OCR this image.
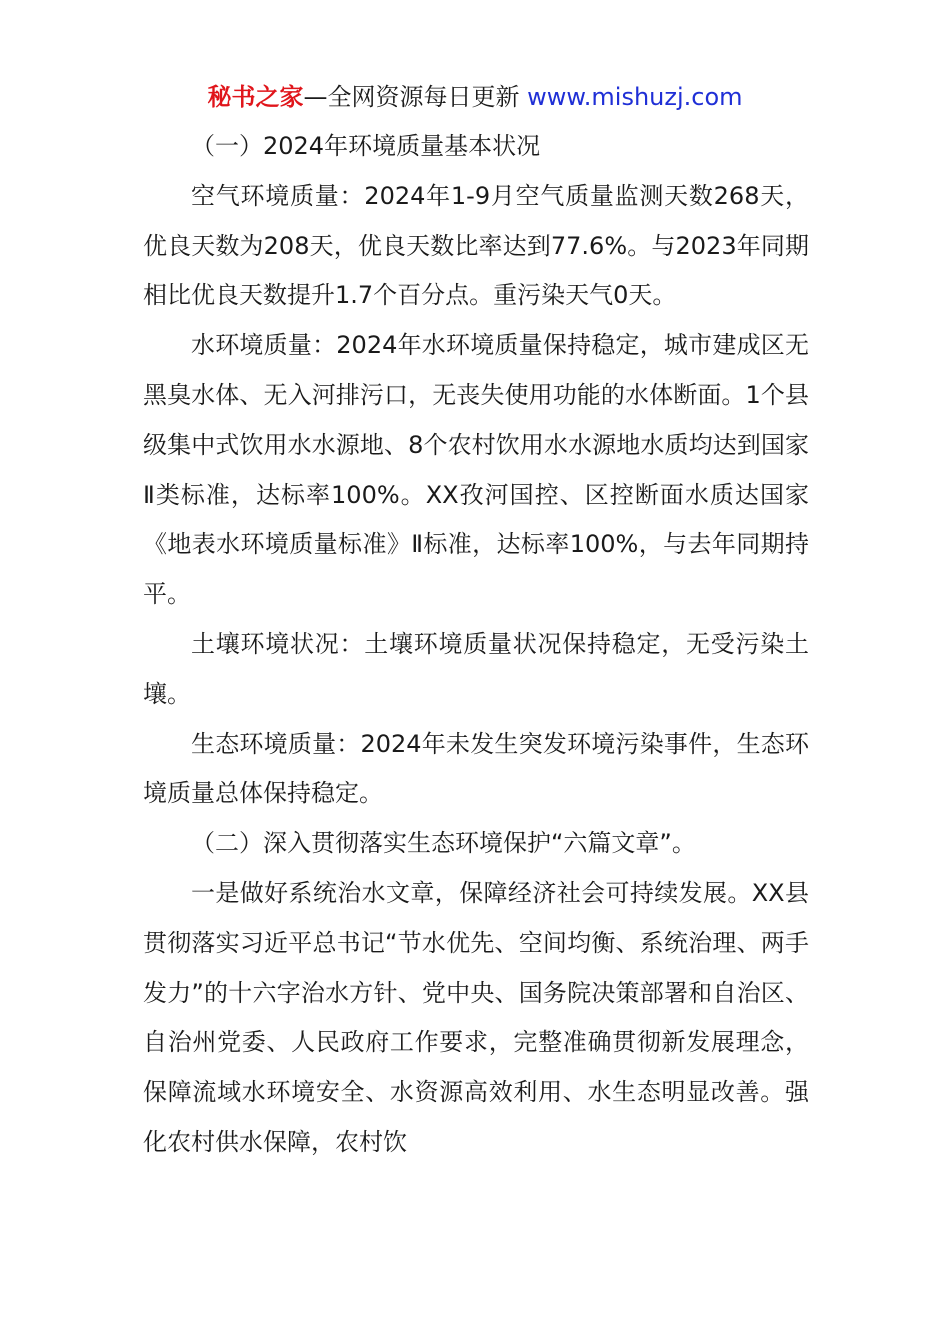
秘书之家—全网资源每日更新 www.mishuzj.com

（一）2024年环境质量基本状况

空气环境质量：2024年1-9月空气质量监测天数268天，优良天数为208天，优良天数比率达到77.6%。与2023年同期相比优良天数提升1.7个百分点。重污染天气0天。

水环境质量：2024年水环境质量保持稳定，城市建成区无黑臭水体、无入河排污口，无丧失使用功能的水体断面。1个县级集中式饮用水水源地、8个农村饮用水水源地水质均达到国家Ⅱ类标准，达标率100%。XX孜河国控、区控断面水质达国家《地表水环境质量标准》Ⅱ标准，达标率100%，与去年同期持平。

土壤环境状况：土壤环境质量状况保持稳定，无受污染土壤。

生态环境质量：2024年未发生突发环境污染事件，生态环境质量总体保持稳定。

（二）深入贯彻落实生态环境保护“六篇文章”。

一是做好系统治水文章，保障经济社会可持续发展。XX县贯彻落实习近平总书记“节水优先、空间均衡、系统治理、两手发力”的十六字治水方针、党中央、国务院决策部署和自治区、自治州党委、人民政府工作要求，完整准确贯彻新发展理念，保障流域水环境安全、水资源高效利用、水生态明显改善。强化农村供水保障，农村饮
